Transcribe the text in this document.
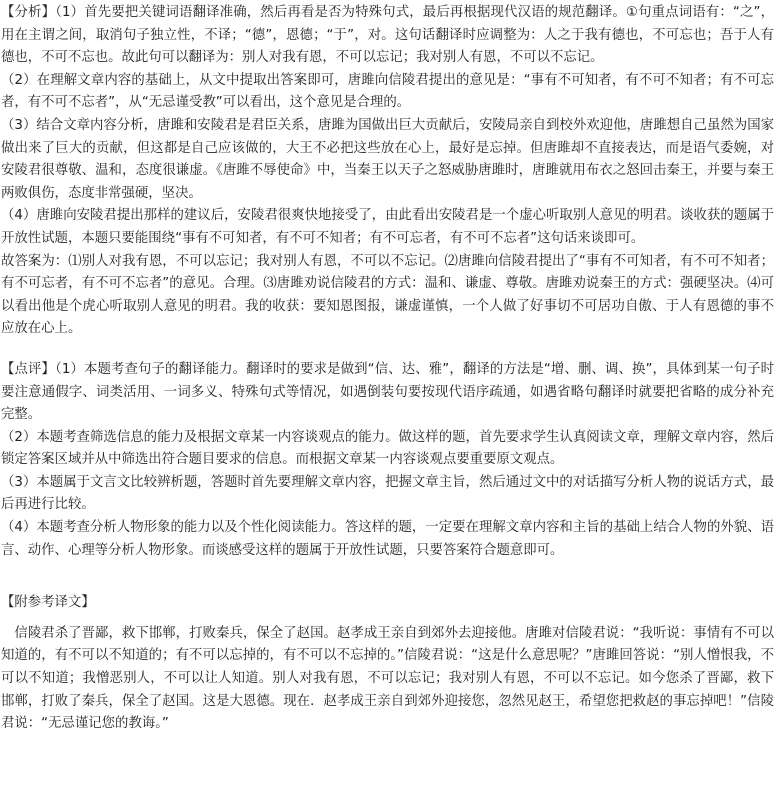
【分析】（1）首先要把关键词语翻译准确，然后再看是否为特殊句式，最后再根据现代汉语的规范翻译。①句重点词语有：“之”，用在主谓之间，取消句子独立性，不译；“德”，恩德；“于”，对。这句话翻译时应调整为：人之于我有德也，不可忘也；吾于人有德也，不可不忘也。故此句可以翻译为：别人对我有恩，不可以忘记；我对别人有恩，不可以不忘记。

（2）在理解文章内容的基础上，从文中提取出答案即可，唐雎向信陵君提出的意见是：“事有不可知者，有不可不知者；有不可忘者，有不可不忘者”，从“无忌谨受教”可以看出，这个意见是合理的。

（3）结合文章内容分析，唐雎和安陵君是君臣关系，唐雎为国做出巨大贡献后，安陵局亲自到校外欢迎他，唐雎想自己虽然为国家做出来了巨大的贡献，但这都是自己应该做的，大王不必把这些放在心上，最好是忘掉。但唐雎却不直接表达，而是语气委婉，对安陵君很尊敬、温和，态度很谦虚。《唐雎不辱使命》中，当秦王以天子之怒威胁唐雎时，唐雎就用布衣之怒回击秦王，并要与秦王两败俱伤，态度非常强硬，坚决。

（4）唐雎向安陵君提出那样的建议后，安陵君很爽快地接受了，由此看出安陵君是一个虚心听取别人意见的明君。谈收获的题属于开放性试题，本题只要能围绕“事有不可知者，有不可不知者；有不可忘者，有不可不忘者”这句话来谈即可。

故答案为：⑴别人对我有恩，不可以忘记；我对别人有恩，不可以不忘记。⑵唐雎向信陵君提出了“事有不可知者，有不可不知者；有不可忘者，有不可不忘者”的意见。合理。⑶唐雎劝说信陵君的方式：温和、谦虚、尊敬。唐雎劝说秦王的方式：强硬坚决。⑷可以看出他是个虎心听取别人意见的明君。我的收获：要知恩图报，谦虚谨慎，一个人做了好事切不可居功自傲、于人有恩德的事不应放在心上。

【点评】（1）本题考查句子的翻译能力。翻译时的要求是做到“信、达、雅”，翻译的方法是“增、删、调、换”，具体到某一句子时要注意通假字、词类活用、一词多义、特殊句式等情况，如遇倒装句要按现代语序疏通，如遇省略句翻译时就要把省略的成分补充完整。

（2）本题考查筛选信息的能力及根据文章某一内容谈观点的能力。做这样的题，首先要求学生认真阅读文章，理解文章内容，然后锁定答案区域并从中筛选出符合题目要求的信息。而根据文章某一内容谈观点要重要原文观点。

（3）本题属于文言文比较辨析题，答题时首先要理解文章内容，把握文章主旨，然后通过文中的对话描写分析人物的说话方式，最后再进行比较。

（4）本题考查分析人物形象的能力以及个性化阅读能力。答这样的题，一定要在理解文章内容和主旨的基础上结合人物的外貌、语言、动作、心理等分析人物形象。而谈感受这样的题属于开放性试题，只要答案符合题意即可。

【附参考译文】

信陵君杀了晋鄙，救下邯郸，打败秦兵，保全了赵国。赵孝成王亲自到郊外去迎接他。唐雎对信陵君说：“我听说：事情有不可以知道的，有不可以不知道的；有不可以忘掉的，有不可以不忘掉的。”信陵君说：“这是什么意思呢？”唐雎回答说：“别人憎恨我，不可以不知道；我憎恶别人，不可以让人知道。别人对我有恩，不可以忘记；我对别人有恩，不可以不忘记。如今您杀了晋鄙，救下邯郸，打败了秦兵，保全了赵国。这是大恩德。现在．赵孝成王亲自到郊外迎接您，忽然见赵王，希望您把救赵的事忘掉吧！”信陵君说：“无忌谨记您的教诲。”
